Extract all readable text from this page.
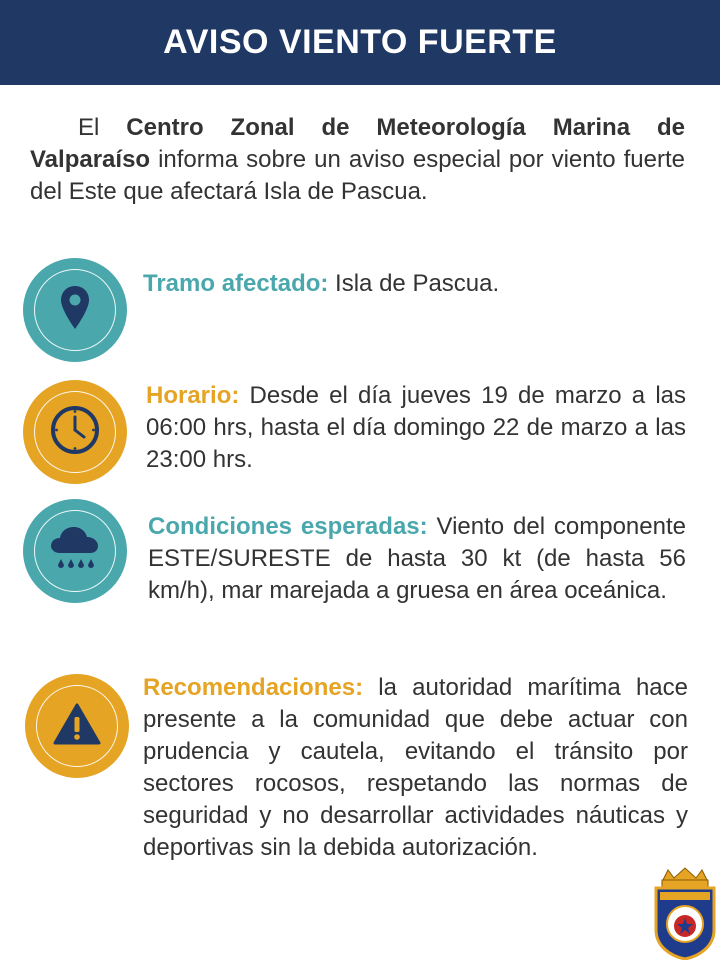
AVISO VIENTO FUERTE

El Centro Zonal de Meteorología Marina de Valparaíso informa sobre un aviso especial por viento fuerte del Este que afectará Isla de Pascua.

Tramo afectado: Isla de Pascua.

Horario: Desde el día jueves 19 de marzo a las 06:00 hrs, hasta el día domingo 22 de marzo a las 23:00 hrs.

Condiciones esperadas: Viento del componente ESTE/SURESTE de hasta 30 kt (de hasta 56 km/h), mar marejada a gruesa en área oceánica.

Recomendaciones: la autoridad marítima hace presente a la comunidad que debe actuar con prudencia y cautela, evitando el tránsito por sectores rocosos, respetando las normas de seguridad y no desarrollar actividades náuticas y deportivas sin la debida autorización.
